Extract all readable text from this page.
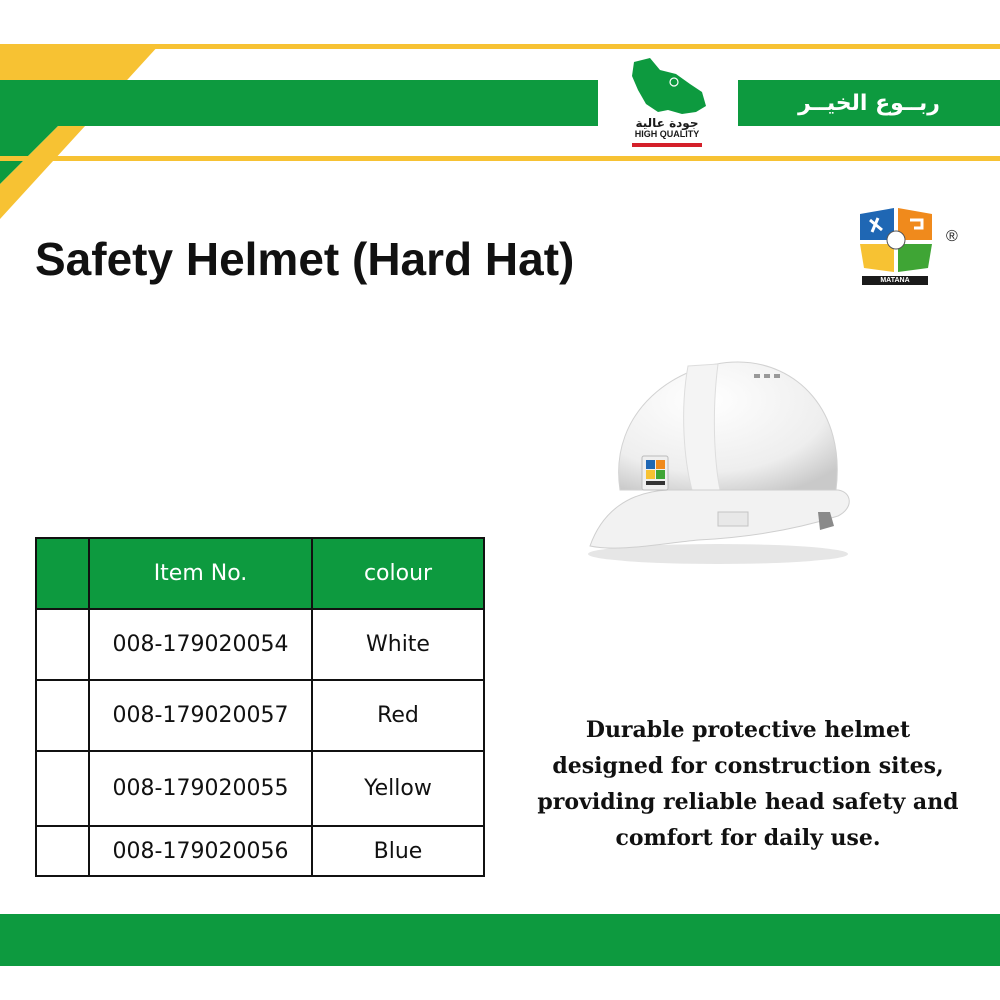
ربــوع الخيــر
جودة عالية
HIGH QUALITY
Safety Helmet (Hard Hat)	MATANA
®
Item No.	colour
008-179020054	White
008-179020057	Red
008-179020055	Yellow
008-179020056	Blue
Durable protective helmet designed for construction sites, providing reliable head safety and comfort for daily use.
